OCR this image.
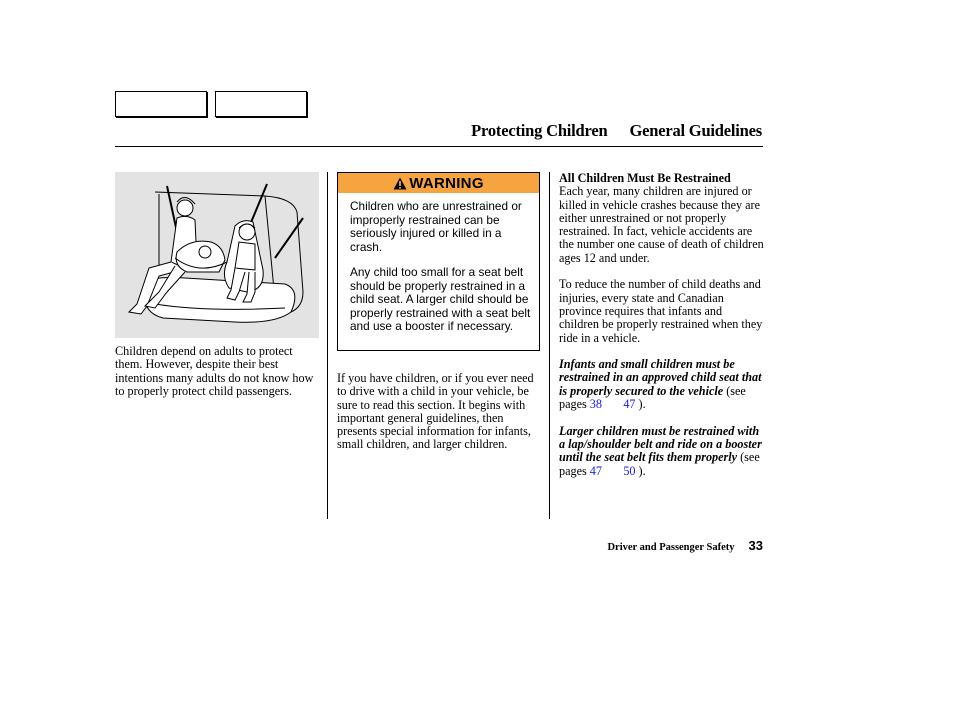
Protecting Children General Guidelines

Children depend on adults to protect them. However, despite their best intentions many adults do not know how to properly protect child passengers.

WARNING

Children who are unrestrained or improperly restrained can be seriously injured or killed in a crash.

Any child too small for a seat belt should be properly restrained in a child seat. A larger child should be properly restrained with a seat belt and use a booster if necessary.

If you have children, or if you ever need to drive with a child in your vehicle, be sure to read this section. It begins with important general guidelines, then presents special information for infants, small children, and larger children.

All Children Must Be Restrained

Each year, many children are injured or killed in vehicle crashes because they are either unrestrained or not properly restrained. In fact, vehicle accidents are the number one cause of death of children ages 12 and under.

To reduce the number of child deaths and injuries, every state and Canadian province requires that infants and children be properly restrained when they ride in a vehicle.

Infants and small children must be restrained in an approved child seat that is properly secured to the vehicle (see pages 38 47 ).

Larger children must be restrained with a lap/shoulder belt and ride on a booster until the seat belt fits them properly (see pages 47 50 ).

Driver and Passenger Safety 33
